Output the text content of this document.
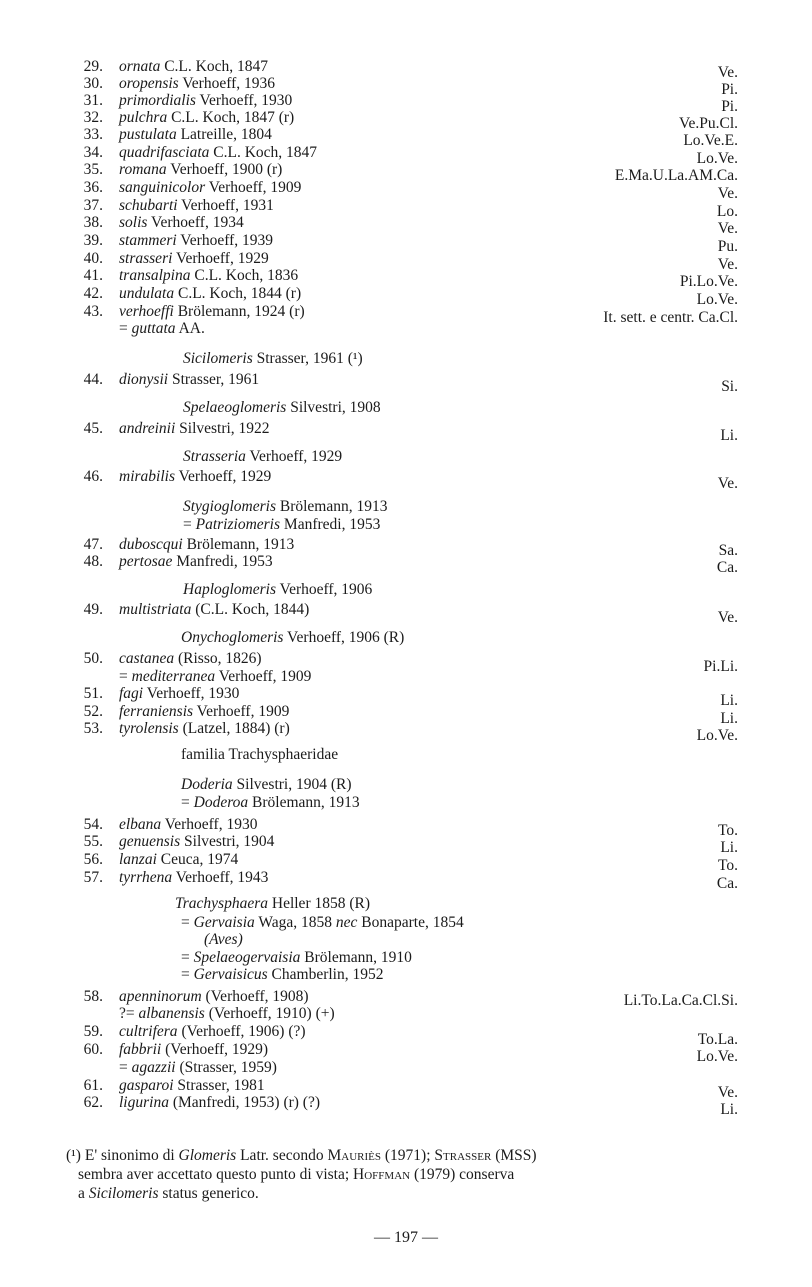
29. ornata C.L. Koch, 1847	Ve.
30. oropensis Verhoeff, 1936	Pi.
31. primordialis Verhoeff, 1930	Pi.
32. pulchra C.L. Koch, 1847 (r)	Ve.Pu.Cl.
33. pustulata Latreille, 1804	Lo.Ve.E.
34. quadrifasciata C.L. Koch, 1847	Lo.Ve.
35. romana Verhoeff, 1900 (r)	E.Ma.U.La.AM.Ca.
36. sanguinicolor Verhoeff, 1909	Ve.
37. schubarti Verhoeff, 1931	Lo.
38. solis Verhoeff, 1934	Ve.
39. stammeri Verhoeff, 1939	Pu.
40. strasseri Verhoeff, 1929	Ve.
41. transalpina C.L. Koch, 1836	Pi.Lo.Ve.
42. undulata C.L. Koch, 1844 (r)	Lo.Ve.
43. verhoeffi Brölemann, 1924 (r)	It. sett. e centr. Ca.Cl.
= guttata AA.
Sicilomeris Strasser, 1961 (¹)
44. dionysii Strasser, 1961	Si.
Spelaeoglomeris Silvestri, 1908
45. andreinii Silvestri, 1922	Li.
Strasseria Verhoeff, 1929
46. mirabilis Verhoeff, 1929	Ve.
Stygioglomeris Brölemann, 1913
= Patriziomeris Manfredi, 1953
47. duboscqui Brölemann, 1913	Sa.
48. pertosae Manfredi, 1953	Ca.
Haploglomeris Verhoeff, 1906
49. multistriata (C.L. Koch, 1844)	Ve.
Onychoglomeris Verhoeff, 1906 (R)
50. castanea (Risso, 1826)	Pi.Li.
= mediterranea Verhoeff, 1909
51. fagi Verhoeff, 1930	Li.
52. ferraniensis Verhoeff, 1909	Li.
53. tyrolensis (Latzel, 1884) (r)	Lo.Ve.
familia Trachysphaeridae
Doderia Silvestri, 1904 (R)
= Doderoa Brölemann, 1913
54. elbana Verhoeff, 1930	To.
55. genuensis Silvestri, 1904	Li.
56. lanzai Ceuca, 1974	To.
57. tyrrhena Verhoeff, 1943	Ca.
Trachysphaera Heller 1858 (R)
= Gervaisia Waga, 1858 nec Bonaparte, 1854
(Aves)
= Spelaeogervaisia Brölemann, 1910
= Gervaisicus Chamberlin, 1952
58. apenninorum (Verhoeff, 1908)	Li.To.La.Ca.Cl.Si.
?= albanensis (Verhoeff, 1910) (+)
59. cultrifera (Verhoeff, 1906) (?)	To.La.
60. fabbrii (Verhoeff, 1929)	Lo.Ve.
= agazzii (Strasser, 1959)
61. gasparoi Strasser, 1981	Ve.
62. ligurina (Manfredi, 1953) (r) (?)	Li.
(¹) E' sinonimo di Glomeris Latr. secondo Mauriès (1971); Strasser (MSS)
sembra aver accettato questo punto di vista; Hoffman (1979) conserva
a Sicilomeris status generico.
— 197 —
